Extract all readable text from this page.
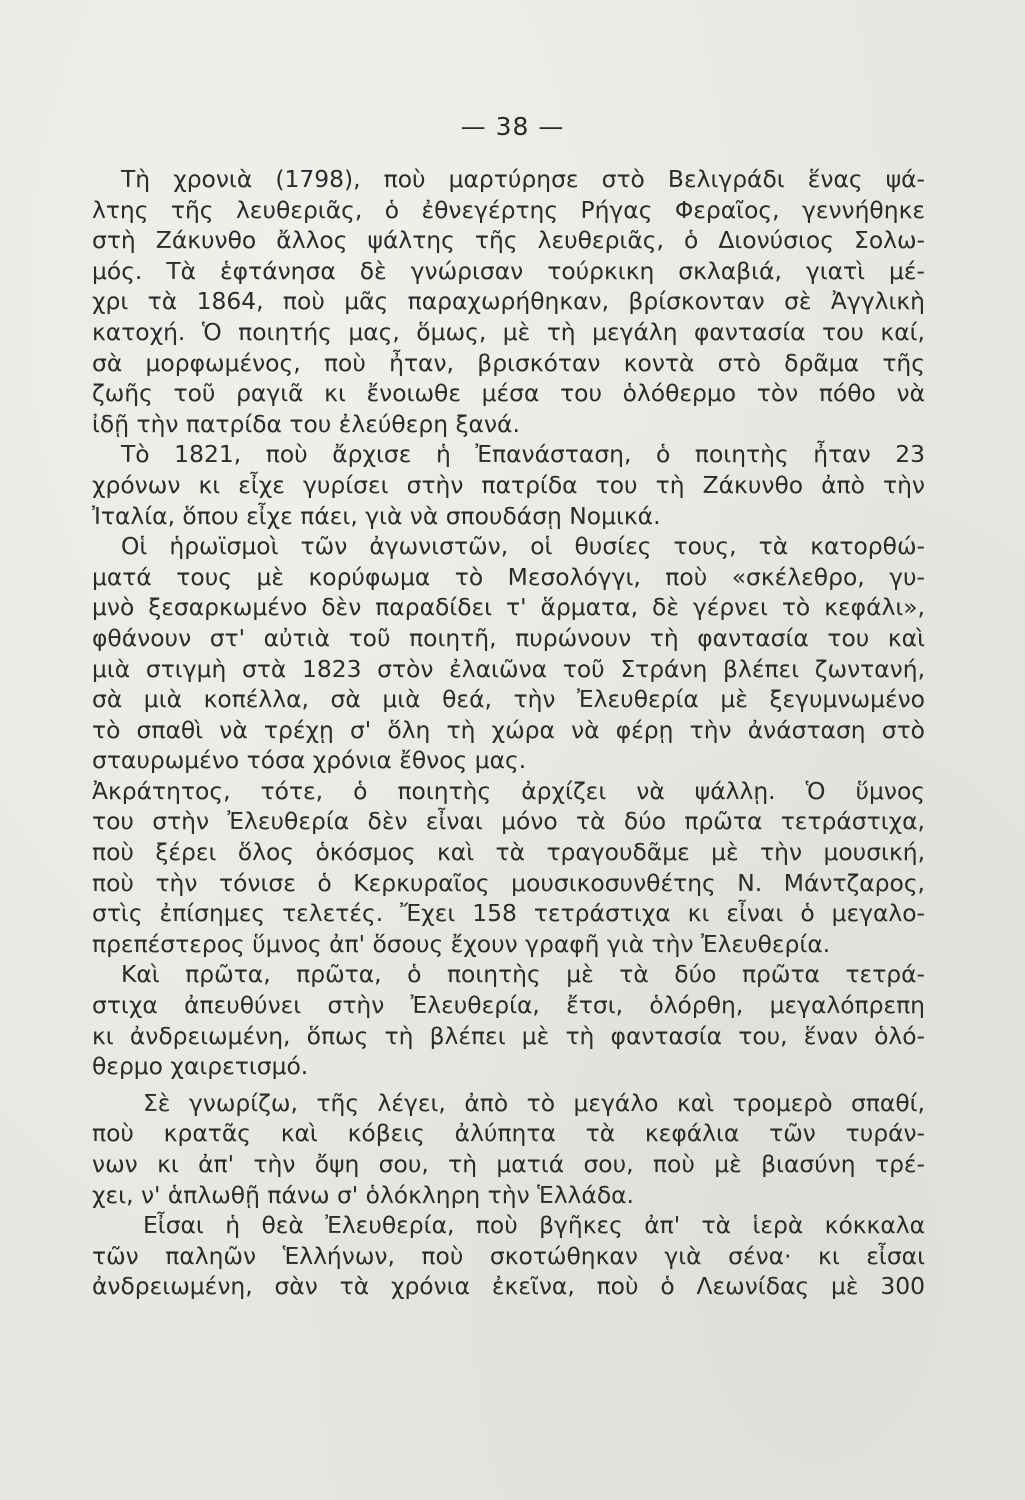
— 38 —
Τὴ χρονιὰ (1798), ποὺ μαρτύρησε στὸ Βελιγράδι ἕνας ψά-
λτης τῆς λευθεριᾶς, ὁ ἐθνεγέρτης Ρήγας Φεραῖος, γεννήθηκε
στὴ Ζάκυνθο ἄλλος ψάλτης τῆς λευθεριᾶς, ὁ Διονύσιος Σολω-
μός. Τὰ ἑφτάνησα δὲ γνώρισαν τούρκικη σκλαβιά, γιατὶ μέ-
χρι τὰ 1864, ποὺ μᾶς παραχωρήθηκαν, βρίσκονταν σὲ Ἀγγλικὴ
κατοχή. Ὁ ποιητής μας, ὅμως, μὲ τὴ μεγάλη φαντασία του καί,
σὰ μορφωμένος, ποὺ ἦταν, βρισκόταν κοντὰ στὸ δρᾶμα τῆς
ζωῆς τοῦ ραγιᾶ κι ἔνοιωθε μέσα του ὁλόθερμο τὸν πόθο νὰ
ἰδῇ τὴν πατρίδα του ἐλεύθερη ξανά.
Τὸ 1821, ποὺ ἄρχισε ἡ Ἐπανάσταση, ὁ ποιητὴς ἦταν 23
χρόνων κι εἶχε γυρίσει στὴν πατρίδα του τὴ Ζάκυνθο ἀπὸ τὴν
Ἰταλία, ὅπου εἶχε πάει, γιὰ νὰ σπουδάσῃ Νομικά.
Οἱ ἡρωϊσμοὶ τῶν ἀγωνιστῶν, οἱ θυσίες τους, τὰ κατορθώ-
ματά τους μὲ κορύφωμα τὸ Μεσολόγγι, ποὺ «σκέλεθρο, γυ-
μνὸ ξεσαρκωμένο δὲν παραδίδει τ' ἅρματα, δὲ γέρνει τὸ κεφάλι»,
φθάνουν στ' αὐτιὰ τοῦ ποιητῆ, πυρώνουν τὴ φαντασία του καὶ
μιὰ στιγμὴ στὰ 1823 στὸν ἐλαιῶνα τοῦ Στράνη βλέπει ζωντανή,
σὰ μιὰ κοπέλλα, σὰ μιὰ θεά, τὴν Ἐλευθερία μὲ ξεγυμνωμένο
τὸ σπαθὶ νὰ τρέχῃ σ' ὅλη τὴ χώρα νὰ φέρῃ τὴν ἀνάσταση στὸ
σταυρωμένο τόσα χρόνια ἔθνος μας.
Ἀκράτητος, τότε, ὁ ποιητὴς ἀρχίζει νὰ ψάλλῃ. Ὁ ὕμνος
του στὴν Ἐλευθερία δὲν εἶναι μόνο τὰ δύο πρῶτα τετράστιχα,
ποὺ ξέρει ὅλος ὁκόσμος καὶ τὰ τραγουδᾶμε μὲ τὴν μουσική,
ποὺ τὴν τόνισε ὁ Κερκυραῖος μουσικοσυνθέτης Ν. Μάντζαρος,
στὶς ἐπίσημες τελετές. Ἔχει 158 τετράστιχα κι εἶναι ὁ μεγαλο-
πρεπέστερος ὕμνος ἀπ' ὅσους ἔχουν γραφῆ γιὰ τὴν Ἐλευθερία.
Καὶ πρῶτα, πρῶτα, ὁ ποιητὴς μὲ τὰ δύο πρῶτα τετρά-
στιχα ἀπευθύνει στὴν Ἐλευθερία, ἔτσι, ὁλόρθη, μεγαλόπρεπη
κι ἀνδρειωμένη, ὅπως τὴ βλέπει μὲ τὴ φαντασία του, ἕναν ὁλό-
θερμο χαιρετισμό.
Σὲ γνωρίζω, τῆς λέγει, ἀπὸ τὸ μεγάλο καὶ τρομερὸ σπαθί,
ποὺ κρατᾶς καὶ κόβεις ἀλύπητα τὰ κεφάλια τῶν τυράν-
νων κι ἀπ' τὴν ὄψη σου, τὴ ματιά σου, ποὺ μὲ βιασύνη τρέ-
χει, ν' ἁπλωθῇ πάνω σ' ὁλόκληρη τὴν Ἑλλάδα.
Εἶσαι ἡ θεὰ Ἐλευθερία, ποὺ βγῆκες ἀπ' τὰ ἱερὰ κόκκαλα
τῶν παληῶν Ἑλλήνων, ποὺ σκοτώθηκαν γιὰ σένα· κι εἶσαι
ἀνδρειωμένη, σὰν τὰ χρόνια ἐκεῖνα, ποὺ ὁ Λεωνίδας μὲ 300
